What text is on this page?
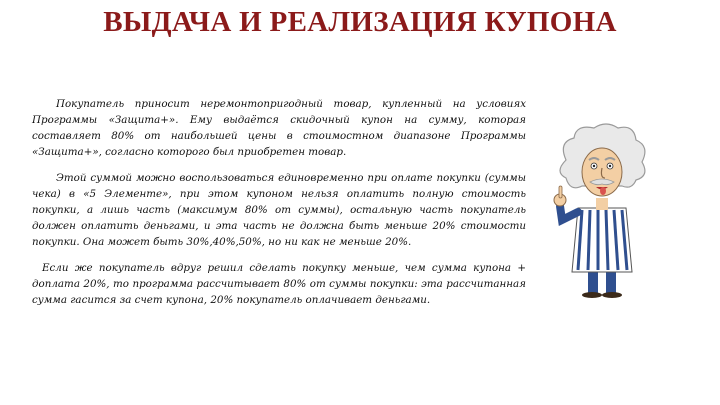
ВЫДАЧА И РЕАЛИЗАЦИЯ КУПОНА

Покупатель приносит неремонтопригодный товар, купленный на условиях Программы «Защита+». Ему выдаётся скидочный купон на сумму, которая составляет 80% от наибольшей цены в стоимостном диапазоне Программы «Защита+», согласно которого был приобретен товар.

Этой суммой можно воспользоваться единовременно при оплате покупки (суммы чека) в «5 Элементе», при этом купоном нельзя оплатить полную стоимость покупки, а лишь часть (максимум 80% от суммы), остальную часть покупатель должен оплатить деньгами, и эта часть не должна быть меньше 20% стоимости покупки. Она может быть 30%,40%,50%, но ни как не меньше 20%.

Если же покупатель вдруг решил сделать покупку меньше, чем сумма купона + доплата 20%, то программа рассчитывает 80% от суммы покупки: эта рассчитанная сумма гасится за счет купона, 20% покупатель оплачивает деньгами.
